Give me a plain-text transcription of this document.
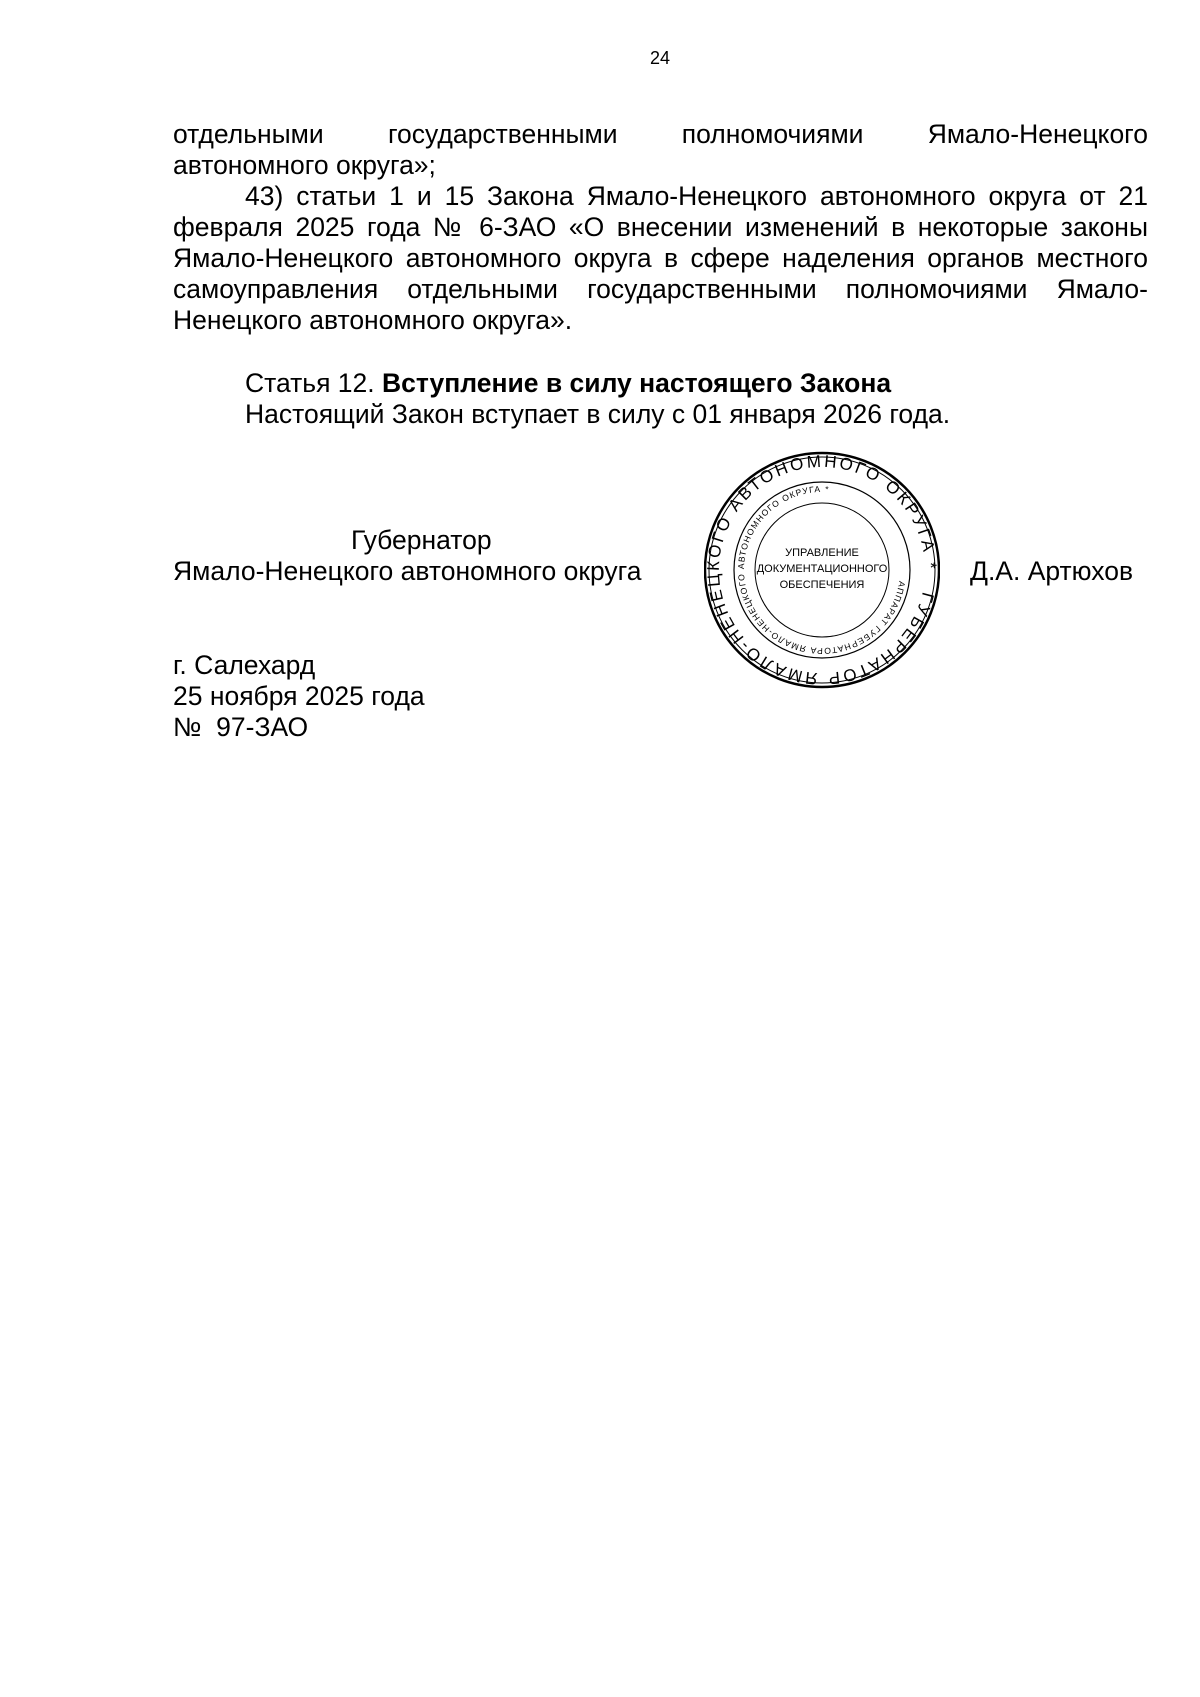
24
отдельными государственными полномочиями Ямало-Ненецкого
автономного округа»;

43) статьи 1 и 15 Закона Ямало-Ненецкого автономного округа от 21 февраля 2025 года № 6-ЗАО «О внесении изменений в некоторые законы Ямало-Ненецкого автономного округа в сфере наделения органов местного самоуправления отдельными государственными полномочиями Ямало-Ненецкого автономного округа».

Статья 12. Вступление в силу настоящего Закона
Настоящий Закон вступает в силу с 01 января 2026 года.
Губернатор
Ямало-Ненецкого автономного округа	Д.А. Артюхов
ГУБЕРНАТОР ЯМАЛО-НЕНЕЦКОГО АВТОНОМНОГО ОКРУГА *
АППАРАТ ГУБЕРНАТОРА ЯМАЛО-НЕНЕЦКОГО АВТОНОМНОГО ОКРУГА *
УПРАВЛЕНИЕ
ДОКУМЕНТАЦИОННОГО
ОБЕСПЕЧЕНИЯ
г. Салехард
25 ноября 2025 года
№  97-ЗАО
